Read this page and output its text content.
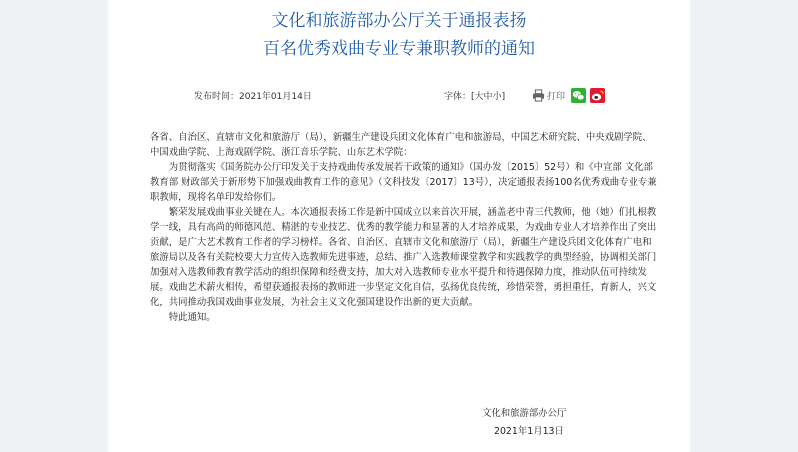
文化和旅游部办公厅关于通报表扬
百名优秀戏曲专业专兼职教师的通知
发布时间：2021年01月14日	字体：[大中小]	打印

各省、自治区、直辖市文化和旅游厅（局），新疆生产建设兵团文化体育广电和旅游局，中国艺术研究院、中央戏剧学院、中国戏曲学院、上海戏剧学院、浙江音乐学院、山东艺术学院：

为贯彻落实《国务院办公厅印发关于支持戏曲传承发展若干政策的通知》（国办发〔2015〕52号）和《中宣部 文化部 教育部 财政部关于新形势下加强戏曲教育工作的意见》（文科技发〔2017〕13号），决定通报表扬100名优秀戏曲专业专兼职教师，现将名单印发给你们。

繁荣发展戏曲事业关键在人。本次通报表扬工作是新中国成立以来首次开展，涵盖老中青三代教师，他（她）们扎根教学一线，具有高尚的师德风范、精湛的专业技艺、优秀的教学能力和显著的人才培养成果，为戏曲专业人才培养作出了突出贡献，是广大艺术教育工作者的学习榜样。各省、自治区、直辖市文化和旅游厅（局），新疆生产建设兵团文化体育广电和旅游局以及各有关院校要大力宣传入选教师先进事迹，总结、推广入选教师课堂教学和实践教学的典型经验，协调相关部门加强对入选教师教育教学活动的组织保障和经费支持，加大对入选教师专业水平提升和待遇保障力度，推动队伍可持续发展。戏曲艺术薪火相传，希望获通报表扬的教师进一步坚定文化自信，弘扬优良传统，珍惜荣誉，勇担重任，育新人，兴文化，共同推动我国戏曲事业发展，为社会主义文化强国建设作出新的更大贡献。

特此通知。

文化和旅游部办公厅
2021年1月13日
